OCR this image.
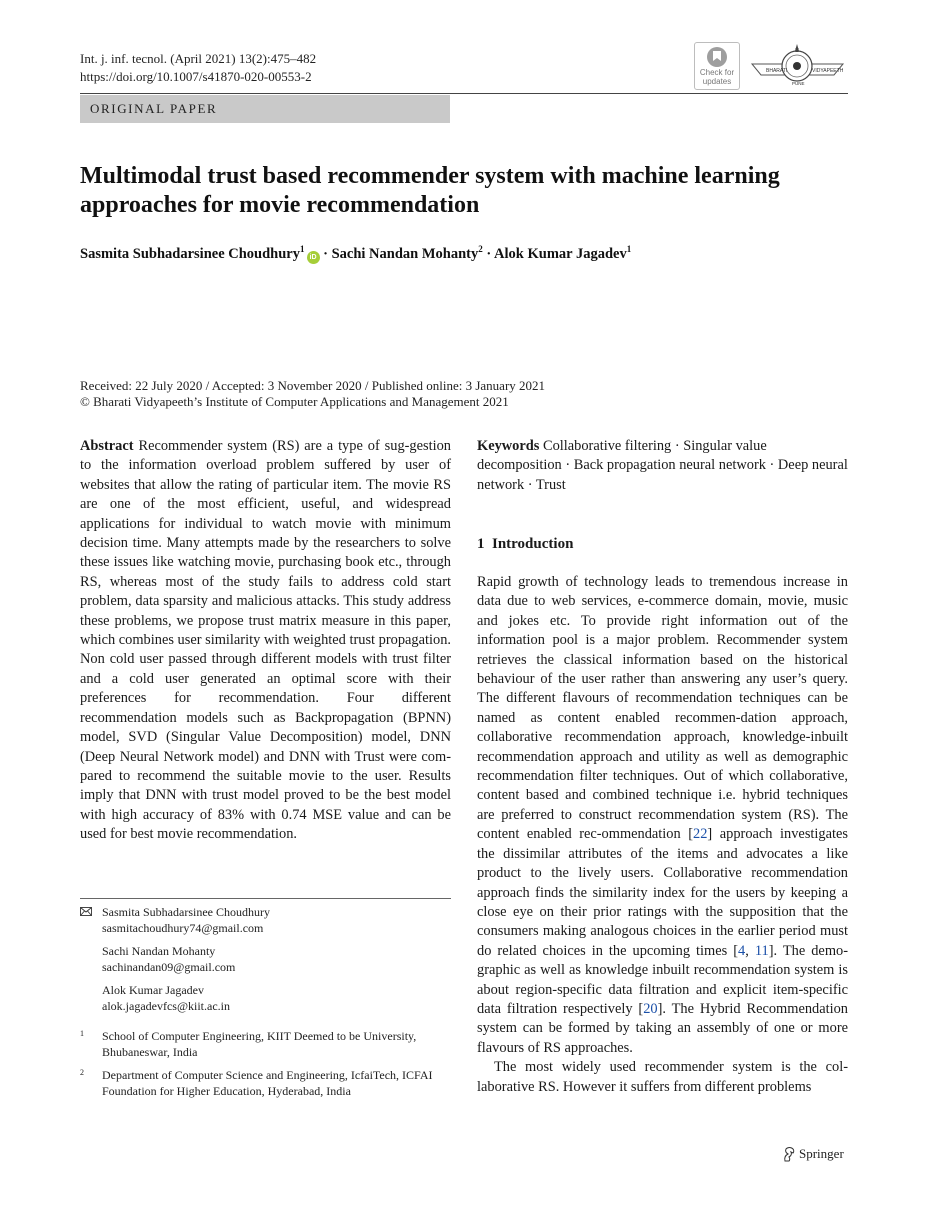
Int. j. inf. tecnol. (April 2021) 13(2):475–482
https://doi.org/10.1007/s41870-020-00553-2	Check for
updates
BHARATI	VIDYAPEETH
PUNE
ORIGINAL PAPER
Multimodal trust based recommender system with machine learning approaches for movie recommendation
Sasmita Subhadarsinee Choudhury$^1$iD · Sachi Nandan Mohanty$^2$ · Alok Kumar Jagadev$^1$
Received: 22 July 2020 / Accepted: 3 November 2020 / Published online: 3 January 2021
© Bharati Vidyapeeth’s Institute of Computer Applications and Management 2021
Abstract Recommender system (RS) are a type of sug-gestion to the information overload problem suffered by user of websites that allow the rating of particular item. The movie RS are one of the most efficient, useful, and widespread applications for individual to watch movie with minimum decision time. Many attempts made by the researchers to solve these issues like watching movie, purchasing book etc., through RS, whereas most of the study fails to address cold start problem, data sparsity and malicious attacks. This study address these problems, we propose trust matrix measure in this paper, which combines user similarity with weighted trust propagation. Non cold user passed through different models with trust filter and a cold user generated an optimal score with their preferences for recommendation. Four different recommendation models such as Backpropagation (BPNN) model, SVD (Singular Value Decomposition) model, DNN (Deep Neural Network model) and DNN with Trust were com-pared to recommend the suitable movie to the user. Results imply that DNN with trust model proved to be the best model with high accuracy of 83% with 0.74 MSE value and can be used for best movie recommendation.
Sasmita Subhadarsinee Choudhury
sasmitachoudhury74@gmail.com
Sachi Nandan Mohanty
sachinandan09@gmail.com
Alok Kumar Jagadev
alok.jagadevfcs@kiit.ac.in
1 School of Computer Engineering, KIIT Deemed to be University, Bhubaneswar, India
2 Department of Computer Science and Engineering, IcfaiTech, ICFAI Foundation for Higher Education, Hyderabad, India
Keywords Collaborative filtering · Singular value decomposition · Back propagation neural network · Deep neural network · Trust
1 Introduction

Rapid growth of technology leads to tremendous increase in data due to web services, e-commerce domain, movie, music and jokes etc. To provide right information out of the information pool is a major problem. Recommender system retrieves the classical information based on the historical behaviour of the user rather than answering any user’s query. The different flavours of recommendation techniques can be named as content enabled recommen-dation approach, collaborative recommendation approach, knowledge-inbuilt recommendation approach and utility as well as demographic recommendation filter techniques. Out of which collaborative, content based and combined technique i.e. hybrid techniques are preferred to construct recommendation system (RS). The content enabled rec-ommendation [22] approach investigates the dissimilar attributes of the items and advocates a like product to the lively users. Collaborative recommendation approach finds the similarity index for the users by keeping a close eye on their prior ratings with the supposition that the consumers making analogous choices in the earlier period must do related choices in the upcoming times [4, 11]. The demo-graphic as well as knowledge inbuilt recommendation system is about region-specific data filtration and explicit item-specific data filtration respectively [20]. The Hybrid Recommendation system can be formed by taking an assembly of one or more flavours of RS approaches.

The most widely used recommender system is the col-laborative RS. However it suffers from different problems

Springer
